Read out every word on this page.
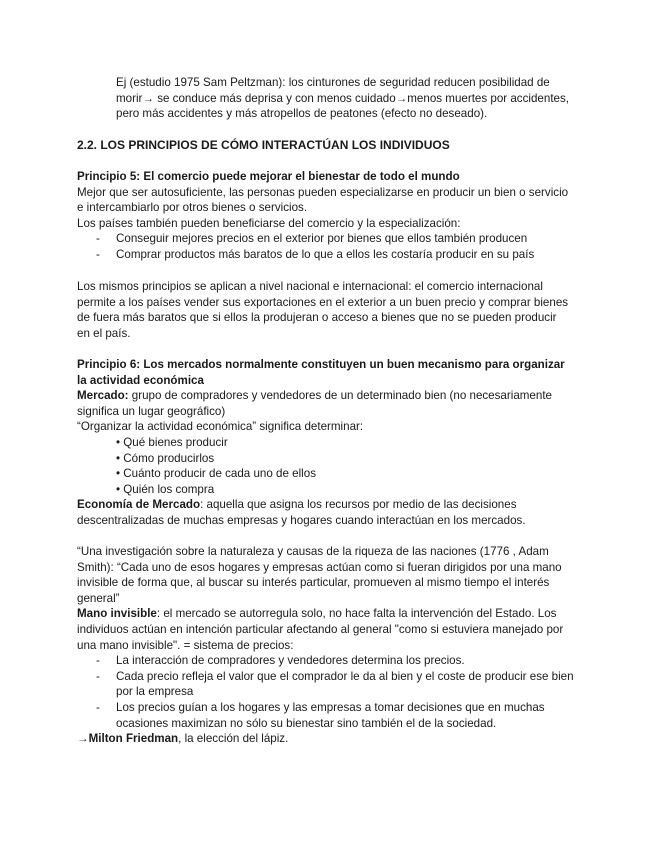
Ej (estudio 1975 Sam Peltzman): los cinturones de seguridad reducen posibilidad de
morir→ se conduce más deprisa y con menos cuidado→menos muertes por accidentes,
pero más accidentes y más atropellos de peatones (efecto no deseado).
2.2. LOS PRINCIPIOS DE CÓMO INTERACTÚAN LOS INDIVIDUOS
Principio 5: El comercio puede mejorar el bienestar de todo el mundo
Mejor que ser autosuficiente, las personas pueden especializarse en producir un bien o servicio
e intercambiarlo por otros bienes o servicios.
Los países también pueden beneficiarse del comercio y la especialización:
- Conseguir mejores precios en el exterior por bienes que ellos también producen
- Comprar productos más baratos de lo que a ellos les costaría producir en su país
Los mismos principios se aplican a nivel nacional e internacional: el comercio internacional
permite a los países vender sus exportaciones en el exterior a un buen precio y comprar bienes
de fuera más baratos que si ellos la produjeran o acceso a bienes que no se pueden producir
en el país.
Principio 6: Los mercados normalmente constituyen un buen mecanismo para organizar
la actividad económica
Mercado: grupo de compradores y vendedores de un determinado bien (no necesariamente
significa un lugar geográfico)
“Organizar la actividad económica” significa determinar:
• Qué bienes producir
• Cómo producirlos
• Cuánto producir de cada uno de ellos
• Quién los compra
Economía de Mercado: aquella que asigna los recursos por medio de las decisiones
descentralizadas de muchas empresas y hogares cuando interactúan en los mercados.
“Una investigación sobre la naturaleza y causas de la riqueza de las naciones (1776 , Adam
Smith): “Cada uno de esos hogares y empresas actúan como si fueran dirigidos por una mano
invisible de forma que, al buscar su interés particular, promueven al mismo tiempo el interés
general”
Mano invisible: el mercado se autorregula solo, no hace falta la intervención del Estado. Los
individuos actúan en intención particular afectando al general "como si estuviera manejado por
una mano invisible". = sistema de precios:
- La interacción de compradores y vendedores determina los precios.
- Cada precio refleja el valor que el comprador le da al bien y el coste de producir ese bien por la empresa
- Los precios guían a los hogares y las empresas a tomar decisiones que en muchas ocasiones maximizan no sólo su bienestar sino también el de la sociedad.
→Milton Friedman, la elección del lápiz.
